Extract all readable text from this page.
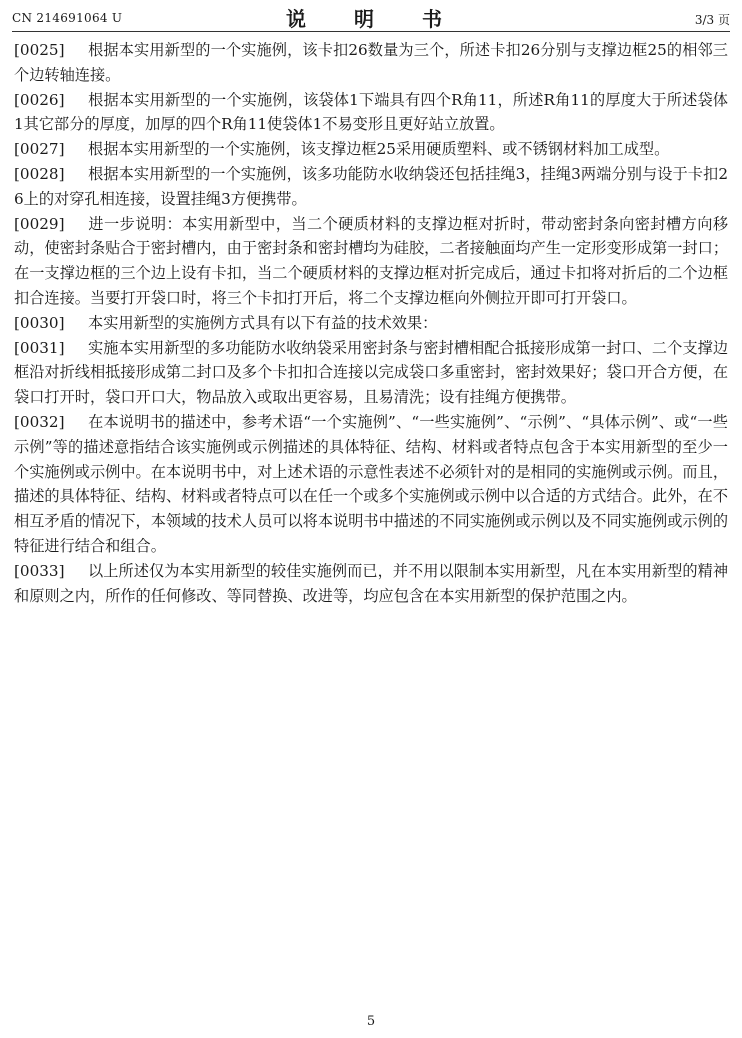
CN 214691064 U	说　明　书	3/3 页

[0025] 根据本实用新型的一个实施例，该卡扣26数量为三个，所述卡扣26分别与支撑边框25的相邻三个边转轴连接。

[0026] 根据本实用新型的一个实施例，该袋体1下端具有四个R角11，所述R角11的厚度大于所述袋体1其它部分的厚度，加厚的四个R角11使袋体1不易变形且更好站立放置。

[0027] 根据本实用新型的一个实施例，该支撑边框25采用硬质塑料、或不锈钢材料加工成型。

[0028] 根据本实用新型的一个实施例，该多功能防水收纳袋还包括挂绳3，挂绳3两端分别与设于卡扣26上的对穿孔相连接，设置挂绳3方便携带。

[0029] 进一步说明：本实用新型中，当二个硬质材料的支撑边框对折时，带动密封条向密封槽方向移动，使密封条贴合于密封槽内，由于密封条和密封槽均为硅胶，二者接触面均产生一定形变形成第一封口；在一支撑边框的三个边上设有卡扣，当二个硬质材料的支撑边框对折完成后，通过卡扣将对折后的二个边框扣合连接。当要打开袋口时，将三个卡扣打开后，将二个支撑边框向外侧拉开即可打开袋口。

[0030] 本实用新型的实施例方式具有以下有益的技术效果：

[0031] 实施本实用新型的多功能防水收纳袋采用密封条与密封槽相配合抵接形成第一封口、二个支撑边框沿对折线相抵接形成第二封口及多个卡扣扣合连接以完成袋口多重密封，密封效果好；袋口开合方便，在袋口打开时，袋口开口大，物品放入或取出更容易，且易清洗；设有挂绳方便携带。

[0032] 在本说明书的描述中，参考术语“一个实施例”、“一些实施例”、“示例”、“具体示例”、或“一些示例”等的描述意指结合该实施例或示例描述的具体特征、结构、材料或者特点包含于本实用新型的至少一个实施例或示例中。在本说明书中，对上述术语的示意性表述不必须针对的是相同的实施例或示例。而且，描述的具体特征、结构、材料或者特点可以在任一个或多个实施例或示例中以合适的方式结合。此外，在不相互矛盾的情况下，本领域的技术人员可以将本说明书中描述的不同实施例或示例以及不同实施例或示例的特征进行结合和组合。

[0033] 以上所述仅为本实用新型的较佳实施例而已，并不用以限制本实用新型，凡在本实用新型的精神和原则之内，所作的任何修改、等同替换、改进等，均应包含在本实用新型的保护范围之内。

5
